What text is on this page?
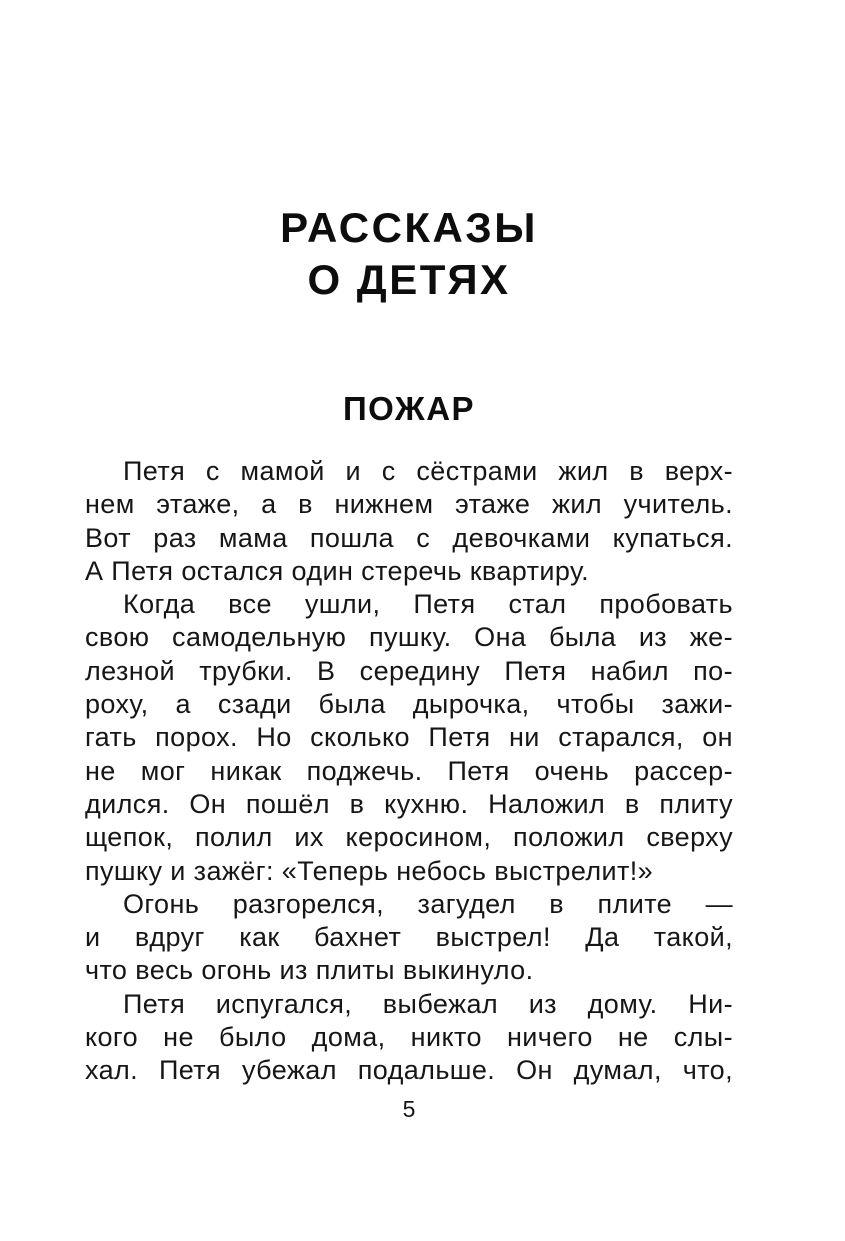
РАССКАЗЫ
О ДЕТЯХ
ПОЖАР
Петя с мамой и с сёстрами жил в верх-
нем этаже, а в нижнем этаже жил учитель.
Вот раз мама пошла с девочками купаться.
А Петя остался один стеречь квартиру.
Когда все ушли, Петя стал пробовать
свою самодельную пушку. Она была из же-
лезной трубки. В середину Петя набил по-
роху, а сзади была дырочка, чтобы зажи-
гать порох. Но сколько Петя ни старался, он
не мог никак поджечь. Петя очень рассер-
дился. Он пошёл в кухню. Наложил в плиту
щепок, полил их керосином, положил сверху
пушку и зажёг: «Теперь небось выстрелит!»
Огонь разгорелся, загудел в плите —
и вдруг как бахнет выстрел! Да такой,
что весь огонь из плиты выкинуло.
Петя испугался, выбежал из дому. Ни-
кого не было дома, никто ничего не слы-
хал. Петя убежал подальше. Он думал, что,
5
